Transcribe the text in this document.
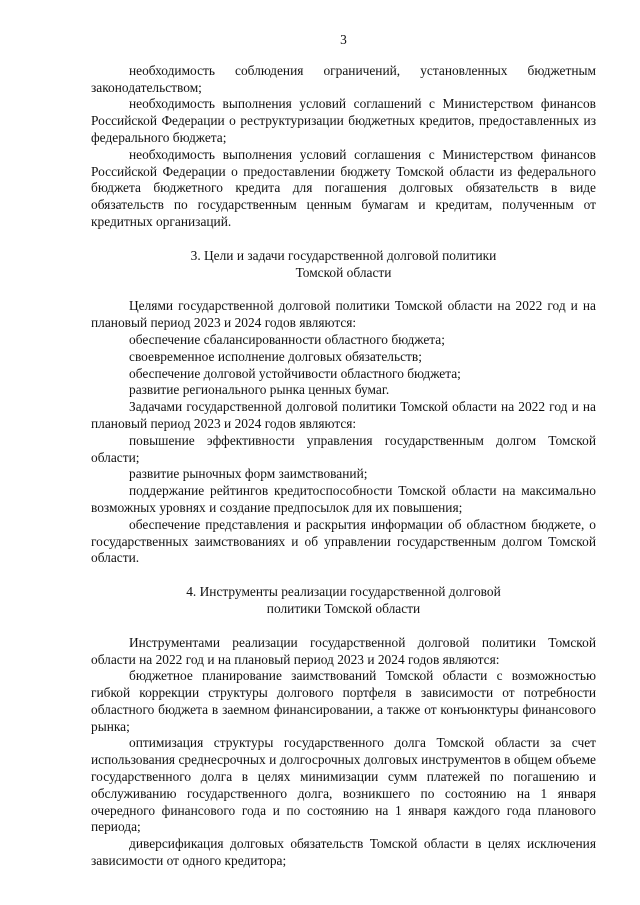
3

необходимость соблюдения ограничений, установленных бюджетным законодательством;

необходимость выполнения условий соглашений с Министерством финансов Российской Федерации о реструктуризации бюджетных кредитов, предоставленных из федерального бюджета;

необходимость выполнения условий соглашения с Министерством финансов Российской Федерации о предоставлении бюджету Томской области из федерального бюджета бюджетного кредита для погашения долговых обязательств в виде обязательств по государственным ценным бумагам и кредитам, полученным от кредитных организаций.

3. Цели и задачи государственной долговой политики
Томской области

Целями государственной долговой политики Томской области на 2022 год и на плановый период 2023 и 2024 годов являются:

обеспечение сбалансированности областного бюджета;

своевременное исполнение долговых обязательств;

обеспечение долговой устойчивости областного бюджета;

развитие регионального рынка ценных бумаг.

Задачами государственной долговой политики Томской области на 2022 год и на плановый период 2023 и 2024 годов являются:

повышение эффективности управления государственным долгом Томской области;

развитие рыночных форм заимствований;

поддержание рейтингов кредитоспособности Томской области на максимально возможных уровнях и создание предпосылок для их повышения;

обеспечение представления и раскрытия информации об областном бюджете, о государственных заимствованиях и об управлении государственным долгом Томской области.

4. Инструменты реализации государственной долговой
политики Томской области

Инструментами реализации государственной долговой политики Томской области на 2022 год и на плановый период 2023 и 2024 годов являются:

бюджетное планирование заимствований Томской области с возможностью гибкой коррекции структуры долгового портфеля в зависимости от потребности областного бюджета в заемном финансировании, а также от конъюнктуры финансового рынка;

оптимизация структуры государственного долга Томской области за счет использования среднесрочных и долгосрочных долговых инструментов в общем объеме государственного долга в целях минимизации сумм платежей по погашению и обслуживанию государственного долга, возникшего по состоянию на 1 января очередного финансового года и по состоянию на 1 января каждого года планового периода;

диверсификация долговых обязательств Томской области в целях исключения зависимости от одного кредитора;
